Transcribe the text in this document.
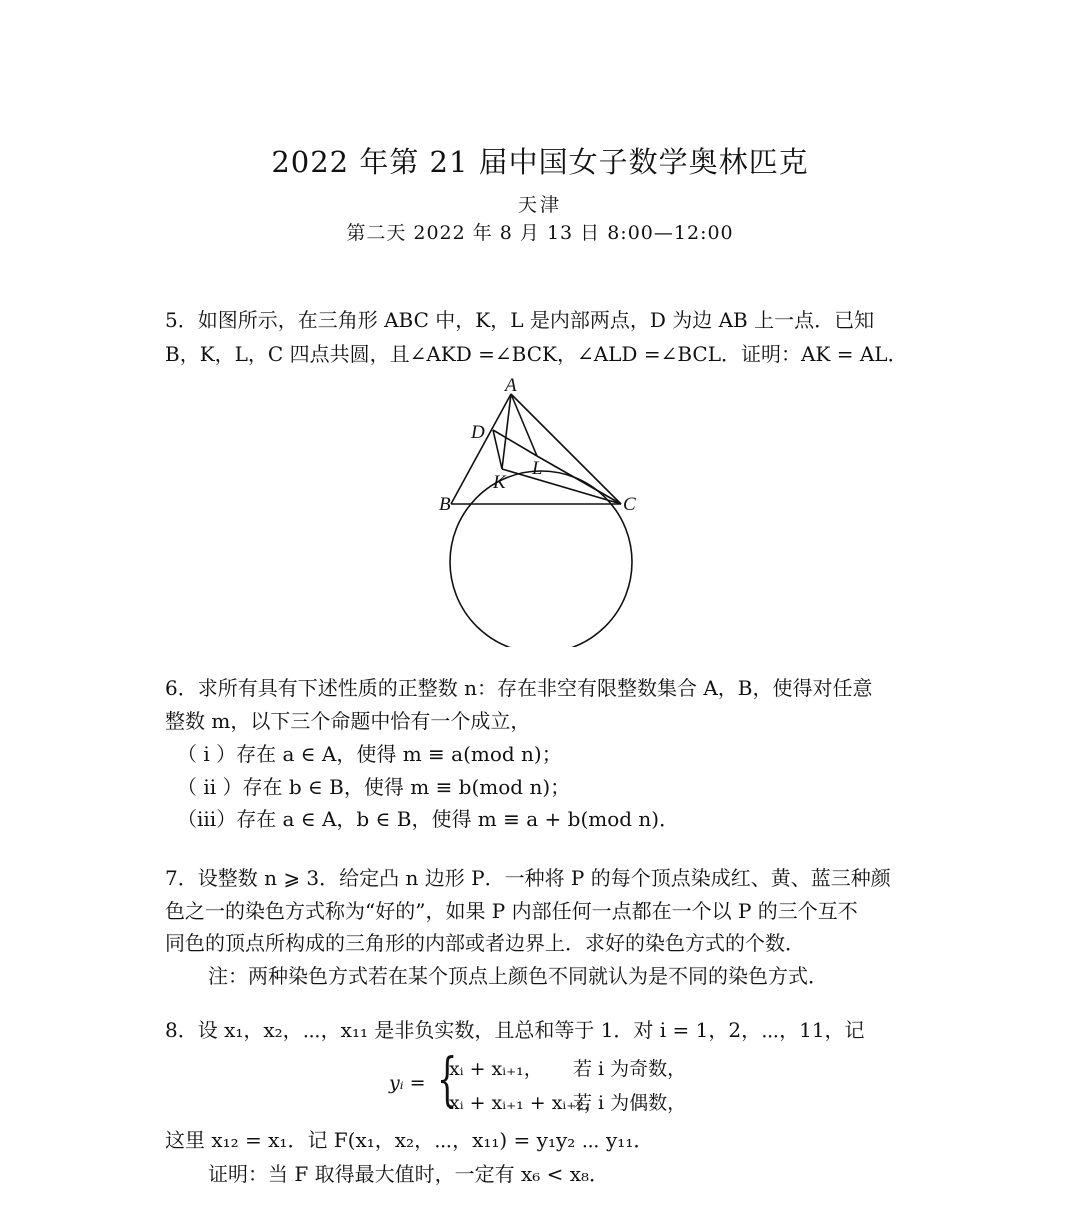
2022 年第 21 届中国女子数学奥林匹克
天津
第二天 2022 年 8 月 13 日 8:00—12:00
5．如图所示，在三角形 ABC 中，K，L 是内部两点，D 为边 AB 上一点．已知
B，K，L，C 四点共圆，且∠AKD =∠BCK，∠ALD =∠BCL．证明：AK = AL．
A
D
L
K
B	C
6．求所有具有下述性质的正整数 n：存在非空有限整数集合 A，B，使得对任意
整数 m，以下三个命题中恰有一个成立，
（ i ）存在 a ∈ A，使得 m ≡ a(mod n)；
（ ii ）存在 b ∈ B，使得 m ≡ b(mod n)；
（iii）存在 a ∈ A，b ∈ B，使得 m ≡ a + b(mod n)．
7．设整数 n ⩾ 3．给定凸 n 边形 P．一种将 P 的每个顶点染成红、黄、蓝三种颜
色之一的染色方式称为“好的”，如果 P 内部任何一点都在一个以 P 的三个互不
同色的顶点所构成的三角形的内部或者边界上．求好的染色方式的个数．
注：两种染色方式若在某个顶点上颜色不同就认为是不同的染色方式．
8．设 x₁，x₂，⋯，x₁₁ 是非负实数，且总和等于 1．对 i = 1，2，⋯，11，记
yᵢ = {
xᵢ + xᵢ₊₁， 若 i 为奇数，
xᵢ + xᵢ₊₁ + xᵢ₊₂，
若 i 为偶数，
这里 x₁₂ = x₁．记 F(x₁，x₂，⋯，x₁₁) = y₁y₂ ⋯ y₁₁．
证明：当 F 取得最大值时，一定有 x₆ < x₈．
